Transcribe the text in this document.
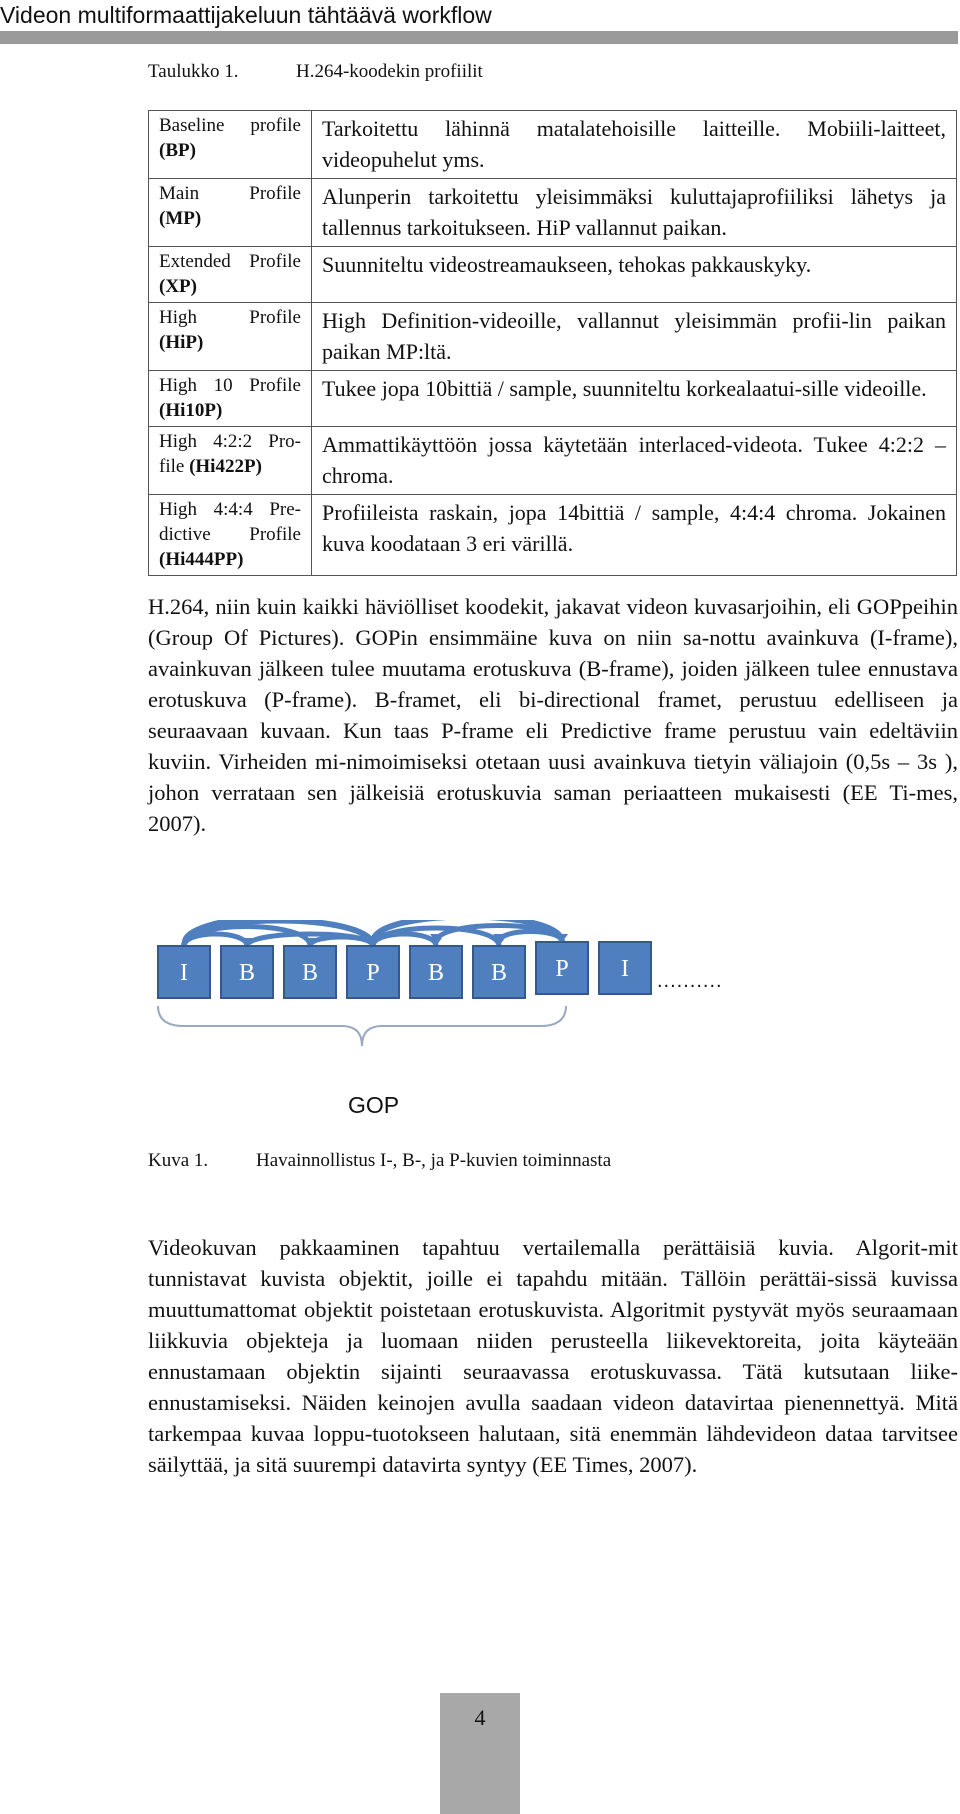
Videon multiformaattijakeluun tähtäävä workflow
Taulukko 1.	H.264-koodekin profiilit
Baseline profile (BP)	Tarkoitettu lähinnä matalatehoisille laitteille. Mobiili-laitteet, videopuhelut yms.
Main Profile (MP)	Alunperin tarkoitettu yleisimmäksi kuluttajaprofiiliksi lähetys ja tallennus tarkoitukseen. HiP vallannut paikan.
Extended Profile (XP)	Suunniteltu videostreamaukseen, tehokas pakkauskyky.
High Profile (HiP)	High Definition-videoille, vallannut yleisimmän profii-lin paikan paikan MP:ltä.
High 10 Profile (Hi10P)	Tukee jopa 10bittiä / sample, suunniteltu korkealaatui-sille videoille.
High 4:2:2 Pro-file (Hi422P)	Ammattikäyttöön jossa käytetään interlaced-videota. Tukee 4:2:2 –chroma.
High 4:4:4 Pre-dictive Profile (Hi444PP)	Profiileista raskain, jopa 14bittiä / sample, 4:4:4 chroma. Jokainen kuva koodataan 3 eri värillä.
H.264, niin kuin kaikki häviölliset koodekit, jakavat videon kuvasarjoihin, eli GOPpeihin (Group Of Pictures). GOPin ensimmäine kuva on niin sa-nottu avainkuva (I-frame), avainkuvan jälkeen tulee muutama erotuskuva (B-frame), joiden jälkeen tulee ennustava erotuskuva (P-frame). B-framet, eli bi-directional framet, perustuu edelliseen ja seuraavaan kuvaan. Kun taas P-frame eli Predictive frame perustuu vain edeltäviin kuviin. Virheiden mi-nimoimiseksi otetaan uusi avainkuva tietyin väliajoin (0,5s – 3s ), johon verrataan sen jälkeisiä erotuskuvia saman periaatteen mukaisesti (EE Ti-mes, 2007).
I B B P B B P I ..........
GOP
Kuva 1.	Havainnollistus I-, B-, ja P-kuvien toiminnasta
Videokuvan pakkaaminen tapahtuu vertailemalla perättäisiä kuvia. Algorit-mit tunnistavat kuvista objektit, joille ei tapahdu mitään. Tällöin perättäi-sissä kuvissa muuttumattomat objektit poistetaan erotuskuvista. Algoritmit pystyvät myös seuraamaan liikkuvia objekteja ja luomaan niiden perusteella liikevektoreita, joita käyteään ennustamaan objektin sijainti seuraavassa erotuskuvassa. Tätä kutsutaan liike-ennustamiseksi. Näiden keinojen avulla saadaan videon datavirtaa pienennettyä. Mitä tarkempaa kuvaa loppu-tuotokseen halutaan, sitä enemmän lähdevideon dataa tarvitsee säilyttää, ja sitä suurempi datavirta syntyy (EE Times, 2007).
4
